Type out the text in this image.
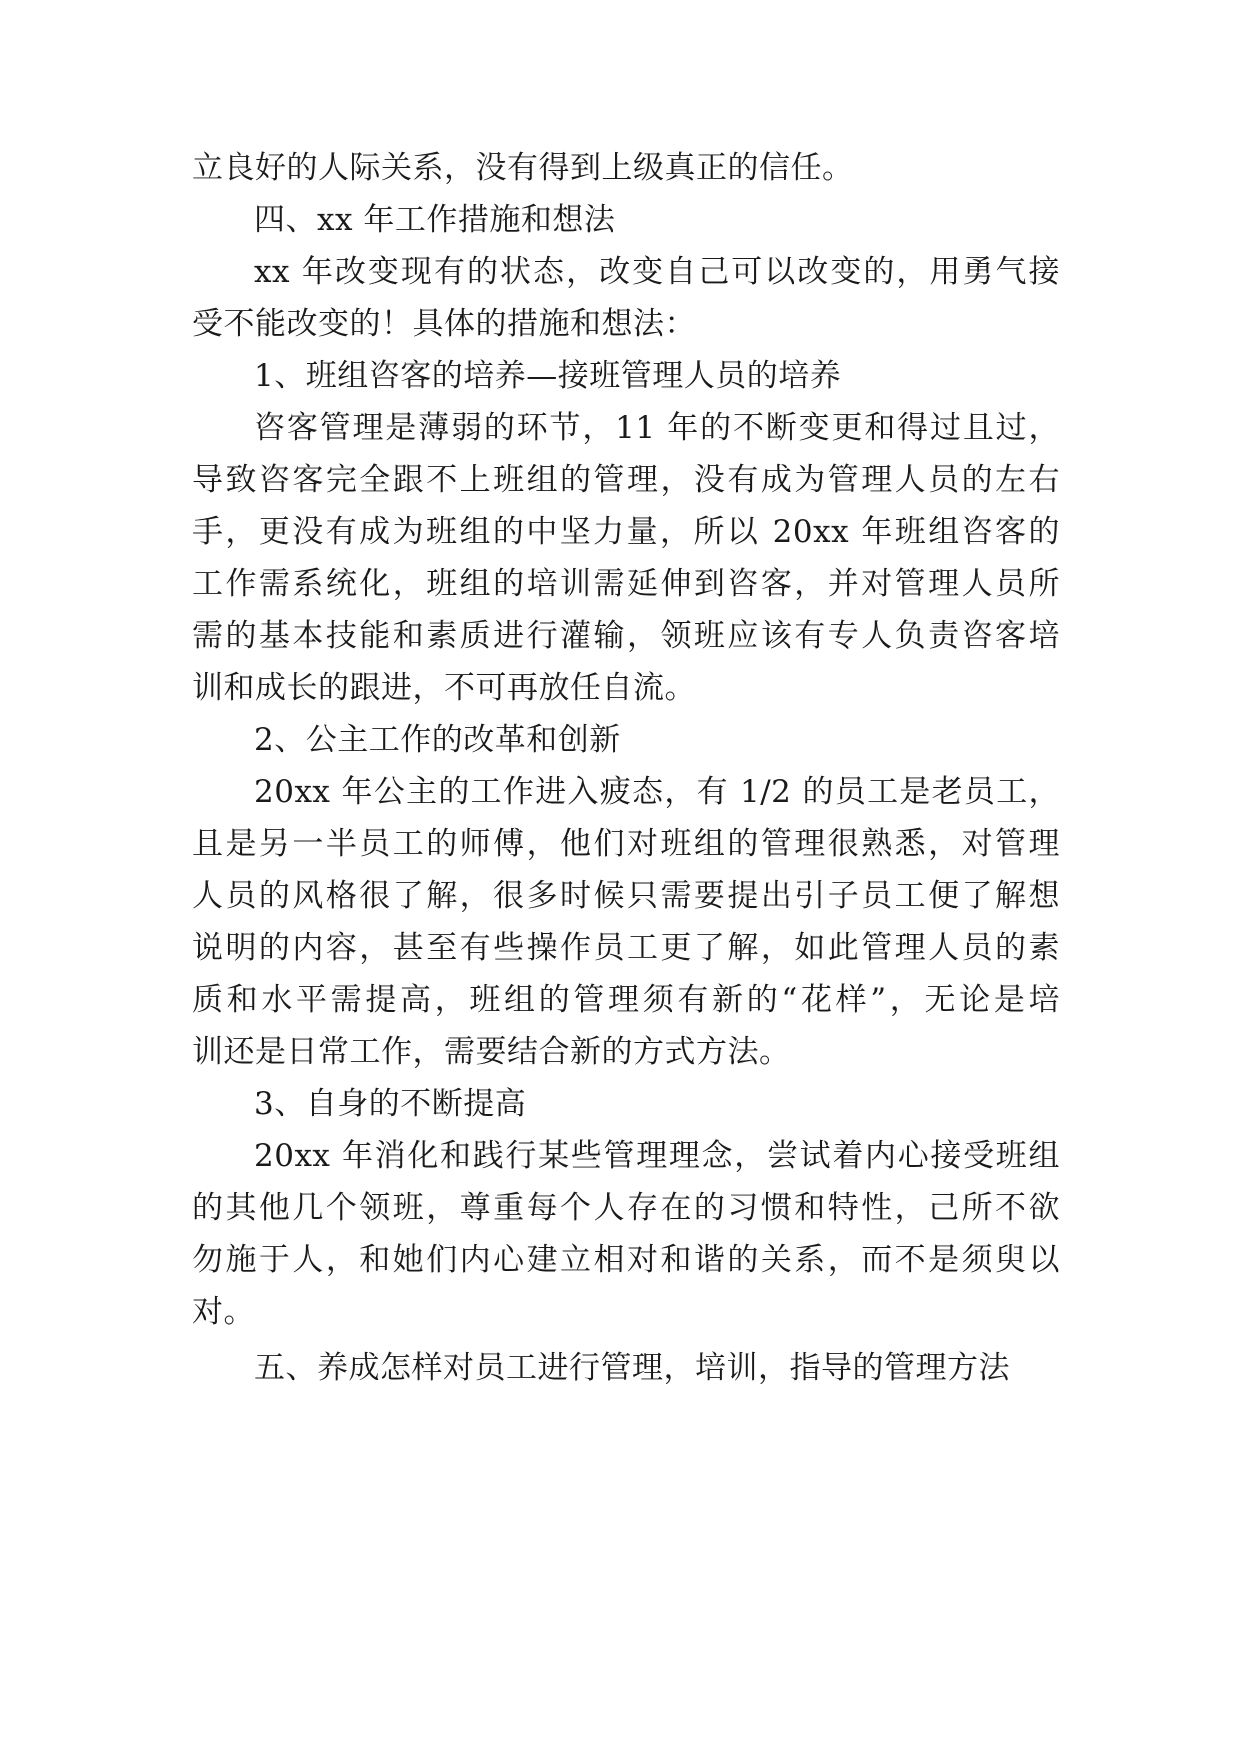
立良好的人际关系，没有得到上级真正的信任。
四、xx 年工作措施和想法
xx 年改变现有的状态，改变自己可以改变的，用勇气接
受不能改变的！具体的措施和想法：
1、班组咨客的培养—接班管理人员的培养
咨客管理是薄弱的环节，11 年的不断变更和得过且过，
导致咨客完全跟不上班组的管理，没有成为管理人员的左右
手，更没有成为班组的中坚力量，所以 20xx 年班组咨客的
工作需系统化，班组的培训需延伸到咨客，并对管理人员所
需的基本技能和素质进行灌输，领班应该有专人负责咨客培
训和成长的跟进，不可再放任自流。
2、公主工作的改革和创新
20xx 年公主的工作进入疲态，有 1/2 的员工是老员工，
且是另一半员工的师傅，他们对班组的管理很熟悉，对管理
人员的风格很了解，很多时候只需要提出引子员工便了解想
说明的内容，甚至有些操作员工更了解，如此管理人员的素
质和水平需提高，班组的管理须有新的“花样”，无论是培
训还是日常工作，需要结合新的方式方法。
3、自身的不断提高
20xx 年消化和践行某些管理理念，尝试着内心接受班组
的其他几个领班，尊重每个人存在的习惯和特性，己所不欲
勿施于人，和她们内心建立相对和谐的关系，而不是须臾以
对。
五、养成怎样对员工进行管理，培训，指导的管理方法
